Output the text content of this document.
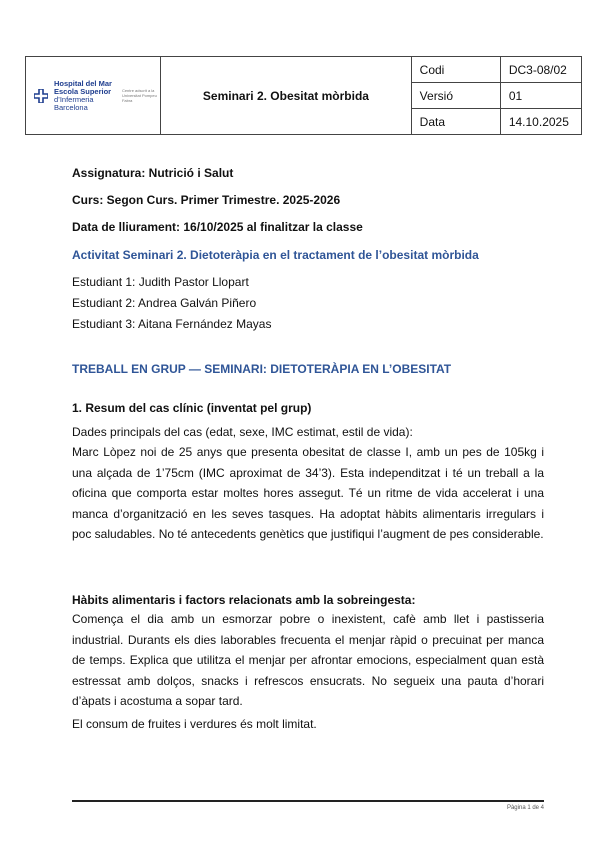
Hospital del Mar
Escola Superior
d’Infermeria
Barcelona
Centre adscrit a la Universitat Pompeu Fabra	Seminari 2. Obesitat mòrbida	Codi	DC3-08/02
		Versió	01
		Data	14.10.2025
Assignatura: Nutrició i Salut
Curs: Segon Curs. Primer Trimestre. 2025-2026
Data de lliurament: 16/10/2025 al finalitzar la classe
Activitat Seminari 2. Dietoteràpia en el tractament de l’obesitat mòrbida
Estudiant 1: Judith Pastor Llopart
Estudiant 2: Andrea Galván Piñero
Estudiant 3: Aitana Fernández Mayas
TREBALL EN GRUP — SEMINARI: DIETOTERÀPIA EN L’OBESITAT
1. Resum del cas clínic (inventat pel grup)
Dades principals del cas (edat, sexe, IMC estimat, estil de vida):
Marc Lòpez noi de 25 anys que presenta obesitat de classe I, amb un pes de 105kg i una alçada de 1’75cm (IMC aproximat de 34’3). Esta independitzat i té un treball a la oficina que comporta estar moltes hores assegut. Té un ritme de vida accelerat i una manca d’organització en les seves tasques. Ha adoptat hàbits alimentaris irregulars i poc saludables. No té antecedents genètics que justifiqui l’augment de pes considerable.
Hàbits alimentaris i factors relacionats amb la sobreingesta:
Comença el dia amb un esmorzar pobre o inexistent, cafè amb llet i pastisseria industrial. Durants els dies laborables frecuenta el menjar ràpid o precuinat per manca de temps. Explica que utilitza el menjar per afrontar emocions, especialment quan està estressat amb dolços, snacks i refrescos ensucrats. No segueix una pauta d’horari d’àpats i acostuma a sopar tard.
El consum de fruites i verdures és molt limitat.
Pàgina 1 de 4
